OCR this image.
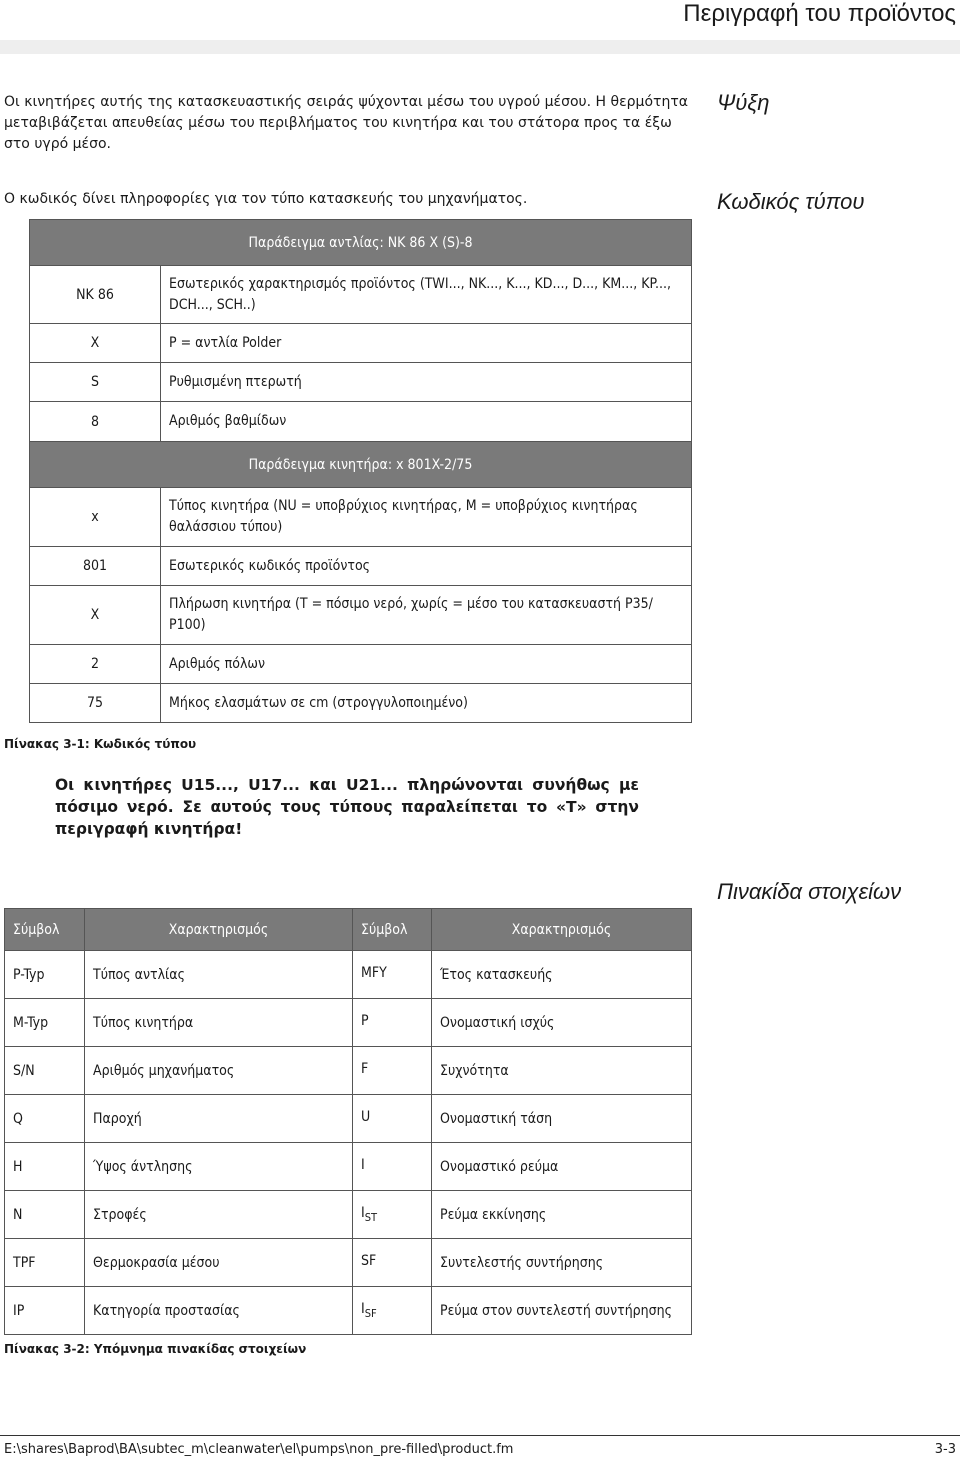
Περιγραφή του προϊόντος
Οι κινητήρες αυτής της κατασκευαστικής σειράς ψύχονται μέσω του υγρού μέσου. Η θερμότητα μεταβιβάζεται απευθείας μέσω του περιβλήματος του κινητήρα και του στάτορα προς τα έξω στο υγρό μέσο.
Ψύξη
Ο κωδικός δίνει πληροφορίες για τον τύπο κατασκευής του μηχανήματος.	Κωδικός τύπου
Παράδειγμα αντλίας: NK 86 X (S)-8	
NK 86	Εσωτερικός χαρακτηρισμός προϊόντος (TWI..., NK..., K..., KD..., D..., KM..., KP..., DCH..., SCH..)
X	P = αντλία Polder
S	Ρυθμισμένη πτερωτή
8	Αριθμός βαθμίδων
Παράδειγμα κινητήρα: x 801X-2/75	
x	Τύπος κινητήρα (NU = υποβρύχιος κινητήρας, M = υποβρύχιος κινητήρας θαλάσσιου τύπου)
801	Εσωτερικός κωδικός προϊόντος
X	Πλήρωση κινητήρα (T = πόσιμο νερό, χωρίς = μέσο του κατασκευαστή P35/ P100)
2	Αριθμός πόλων
75	Μήκος ελασμάτων σε cm (στρογγυλοποιημένο)
Πίνακας 3-1: Κωδικός τύπου
Οι κινητήρες U15..., U17... και U21... πληρώνονται συνήθως με πόσιμο νερό. Σε αυτούς τους τύπους παραλείπεται το «T» στην περιγραφή κινητήρα!
Πινακίδα στοιχείων
Σύμβολ	Χαρακτηρισμός	Σύμβολ	Χαρακτηρισμός
P-Typ	Τύπος αντλίας	MFY	Έτος κατασκευής
M-Typ	Τύπος κινητήρα	P	Ονομαστική ισχύς
S/N	Αριθμός μηχανήματος	F	Συχνότητα
Q	Παροχή	U	Ονομαστική τάση
H	Ύψος άντλησης	I	Ονομαστικό ρεύμα
N	Στροφές	$I_{ST}$	Ρεύμα εκκίνησης
TPF	Θερμοκρασία μέσου	SF	Συντελεστής συντήρησης
IP	Κατηγορία προστασίας	$I_{SF}$	Ρεύμα στον συντελεστή συντήρησης
Πίνακας 3-2: Υπόμνημα πινακίδας στοιχείων
E:\shares\Baprod\BA\subtec_m\cleanwater\el\pumps\non_pre-filled\product.fm	3-3
